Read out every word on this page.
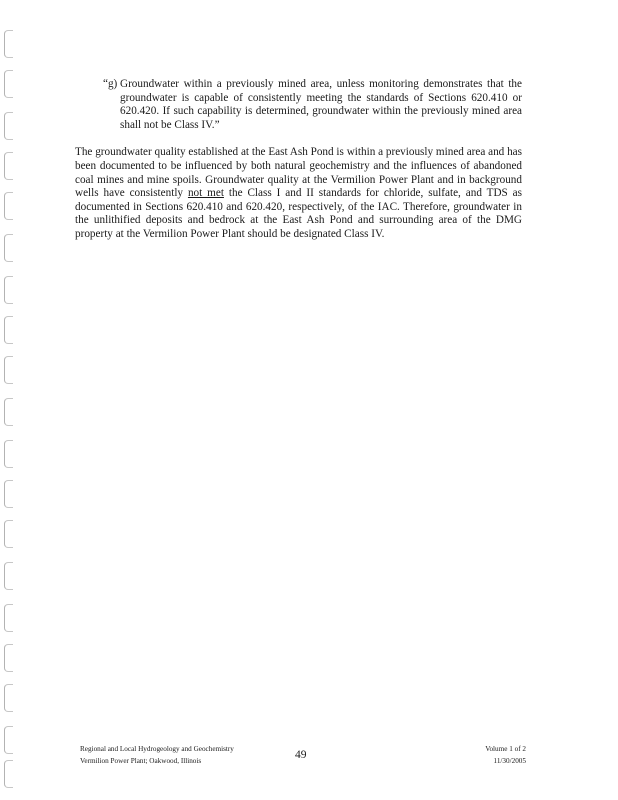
“g) Groundwater within a previously mined area, unless monitoring demonstrates that the groundwater is capable of consistently meeting the standards of Sections 620.410 or 620.420. If such capability is determined, groundwater within the previously mined area shall not be Class IV.”
The groundwater quality established at the East Ash Pond is within a previously mined area and has been documented to be influenced by both natural geochemistry and the influences of abandoned coal mines and mine spoils. Groundwater quality at the Vermilion Power Plant and in background wells have consistently not met the Class I and II standards for chloride, sulfate, and TDS as documented in Sections 620.410 and 620.420, respectively, of the IAC. Therefore, groundwater in the unlithified deposits and bedrock at the East Ash Pond and surrounding area of the DMG property at the Vermilion Power Plant should be designated Class IV.
Regional and Local Hydrogeology and Geochemistry
Vermilion Power Plant; Oakwood, Illinois	49	Volume 1 of 2
11/30/2005
